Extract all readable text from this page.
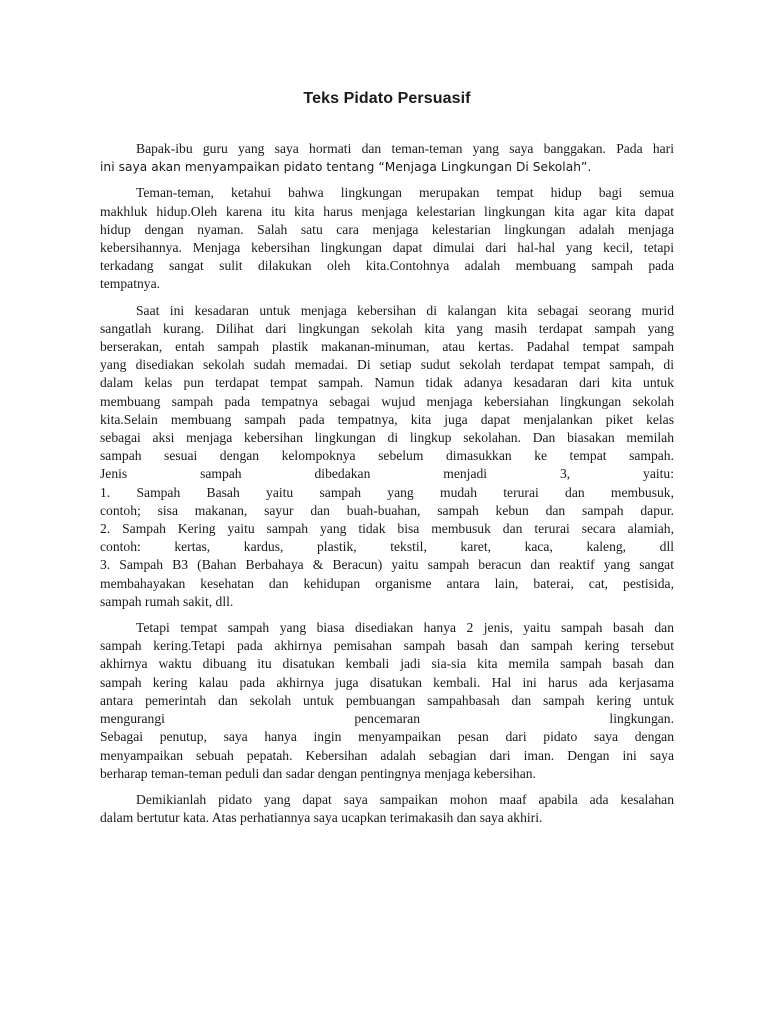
Teks Pidato Persuasif
Bapak-ibu guru yang saya hormati dan teman-teman yang saya banggakan. Pada hari
ini saya akan menyampaikan pidato tentang “Menjaga Lingkungan Di Sekolah”.
Teman-teman, ketahui bahwa lingkungan merupakan tempat hidup bagi semua
makhluk hidup.Oleh karena itu kita harus menjaga kelestarian lingkungan kita agar kita dapat
hidup dengan nyaman. Salah satu cara menjaga kelestarian lingkungan adalah menjaga
kebersihannya. Menjaga kebersihan lingkungan dapat dimulai dari hal-hal yang kecil, tetapi
terkadang sangat sulit dilakukan oleh kita.Contohnya adalah membuang sampah pada
tempatnya.
Saat ini kesadaran untuk menjaga kebersihan di kalangan kita sebagai seorang murid
sangatlah kurang. Dilihat dari lingkungan sekolah kita yang masih terdapat sampah yang
berserakan, entah sampah plastik makanan-minuman, atau kertas. Padahal tempat sampah
yang disediakan sekolah sudah memadai. Di setiap sudut sekolah terdapat tempat sampah, di
dalam kelas pun terdapat tempat sampah. Namun tidak adanya kesadaran dari kita untuk
membuang sampah pada tempatnya sebagai wujud menjaga kebersiahan lingkungan sekolah
kita.Selain membuang sampah pada tempatnya, kita juga dapat menjalankan piket kelas
sebagai aksi menjaga kebersihan lingkungan di lingkup sekolahan. Dan biasakan memilah
sampah sesuai dengan kelompoknya sebelum dimasukkan ke tempat sampah.
Jenis sampah dibedakan menjadi 3, yaitu:
1. Sampah Basah yaitu sampah yang mudah terurai dan membusuk,
contoh; sisa makanan, sayur dan buah-buahan, sampah kebun dan sampah dapur.
2. Sampah Kering yaitu sampah yang tidak bisa membusuk dan terurai secara alamiah,
contoh: kertas, kardus, plastik, tekstil, karet, kaca, kaleng, dll
3. Sampah B3 (Bahan Berbahaya & Beracun) yaitu sampah beracun dan reaktif yang sangat
membahayakan kesehatan dan kehidupan organisme antara lain, baterai, cat, pestisida,
sampah rumah sakit, dll.
Tetapi tempat sampah yang biasa disediakan hanya 2 jenis, yaitu sampah basah dan
sampah kering.Tetapi pada akhirnya pemisahan sampah basah dan sampah kering tersebut
akhirnya waktu dibuang itu disatukan kembali jadi sia-sia kita memila sampah basah dan
sampah kering kalau pada akhirnya juga disatukan kembali. Hal ini harus ada kerjasama
antara pemerintah dan sekolah untuk pembuangan sampahbasah dan sampah kering untuk
mengurangi pencemaran lingkungan.
Sebagai penutup, saya hanya ingin menyampaikan pesan dari pidato saya dengan
menyampaikan sebuah pepatah. Kebersihan adalah sebagian dari iman. Dengan ini saya
berharap teman-teman peduli dan sadar dengan pentingnya menjaga kebersihan.
Demikianlah pidato yang dapat saya sampaikan mohon maaf apabila ada kesalahan
dalam bertutur kata. Atas perhatiannya saya ucapkan terimakasih dan saya akhiri.
